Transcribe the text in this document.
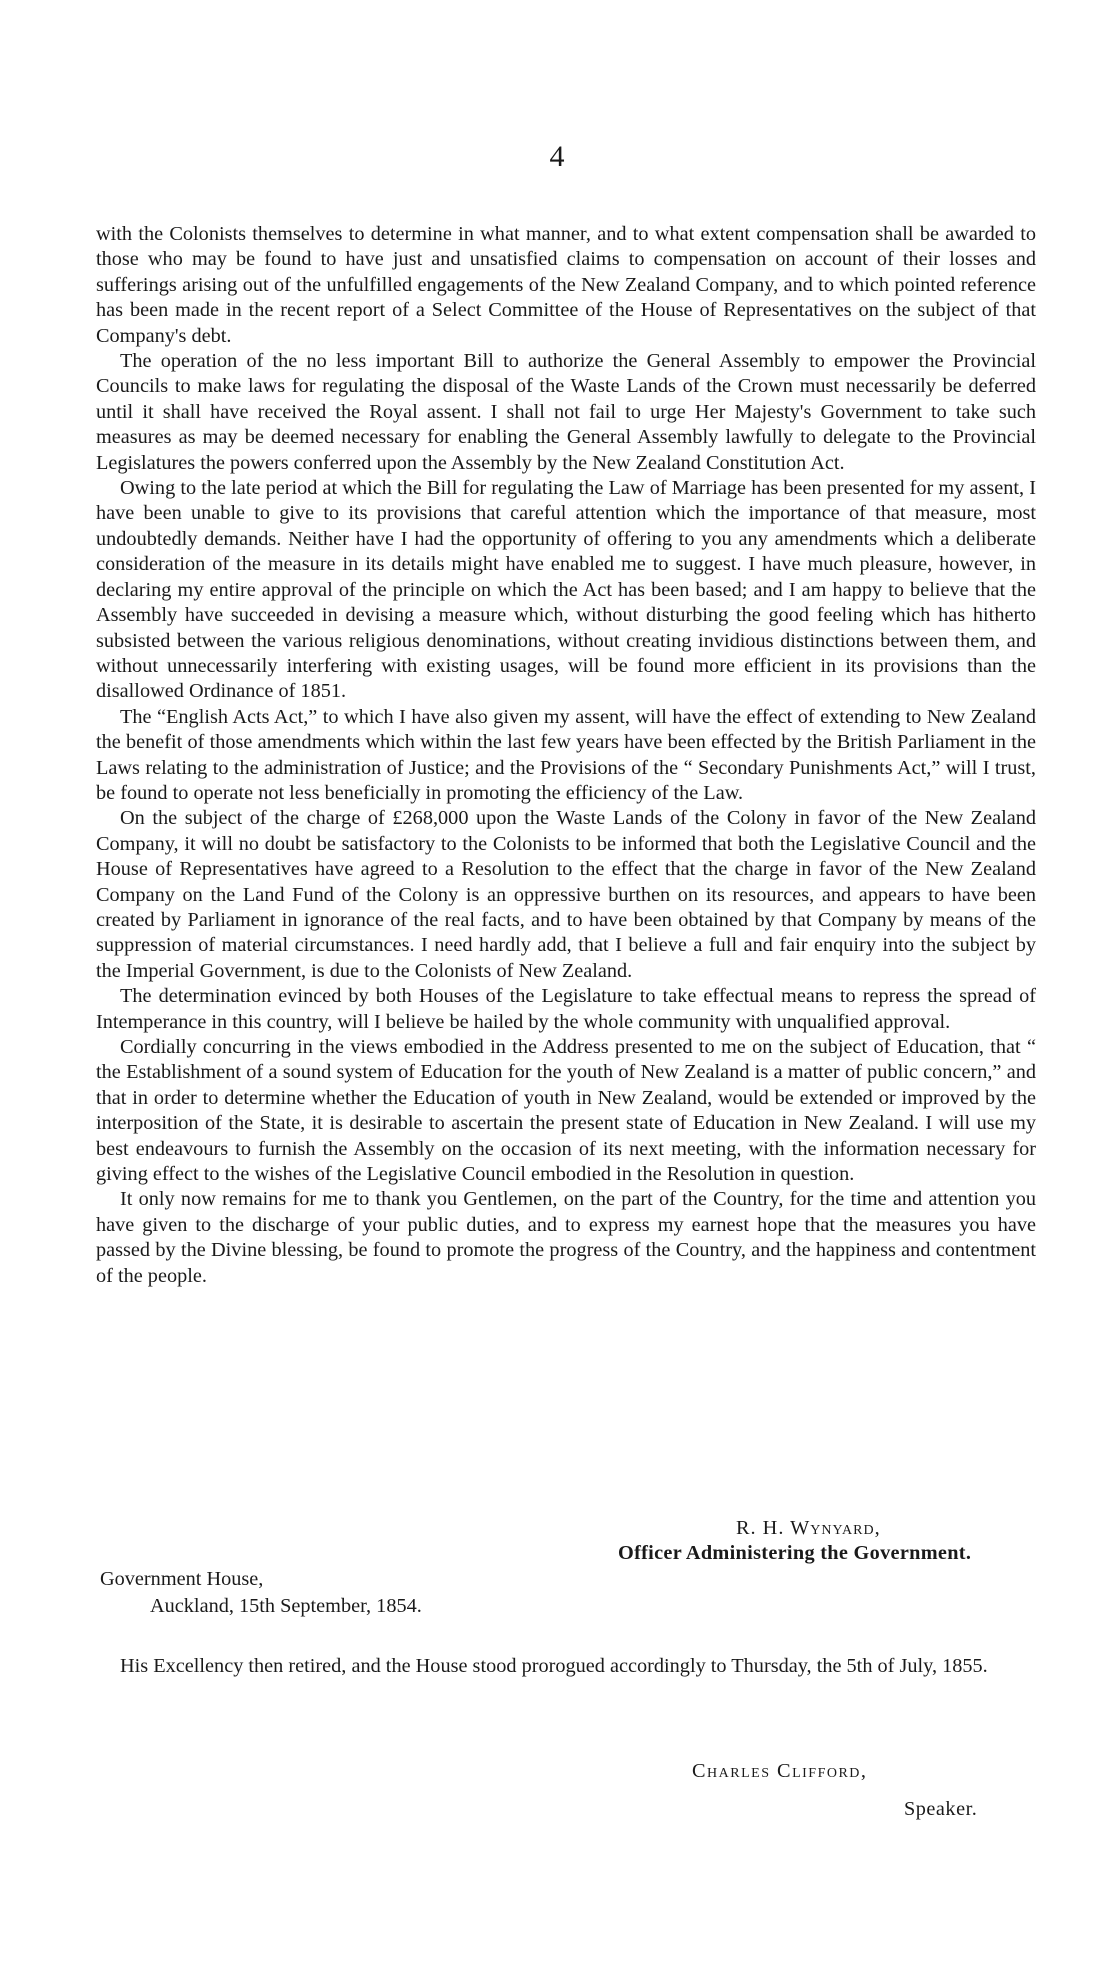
4

with the Colonists themselves to determine in what manner, and to what extent compensation shall be awarded to those who may be found to have just and unsatisfied claims to compensation on account of their losses and sufferings arising out of the unfulfilled engagements of the New Zealand Company, and to which pointed reference has been made in the recent report of a Select Committee of the House of Representatives on the subject of that Company's debt.

The operation of the no less important Bill to authorize the General Assembly to empower the Provincial Councils to make laws for regulating the disposal of the Waste Lands of the Crown must necessarily be deferred until it shall have received the Royal assent. I shall not fail to urge Her Majesty's Government to take such measures as may be deemed necessary for enabling the General Assembly lawfully to delegate to the Provincial Legislatures the powers conferred upon the Assembly by the New Zealand Constitution Act.

Owing to the late period at which the Bill for regulating the Law of Marriage has been presented for my assent, I have been unable to give to its provisions that careful attention which the importance of that measure, most undoubtedly demands. Neither have I had the opportunity of offering to you any amendments which a deliberate consideration of the measure in its details might have enabled me to suggest. I have much pleasure, however, in declaring my entire approval of the principle on which the Act has been based; and I am happy to believe that the Assembly have succeeded in devising a measure which, without disturbing the good feeling which has hitherto subsisted between the various religious denominations, without creating invidious distinctions between them, and without unnecessarily interfering with existing usages, will be found more efficient in its provisions than the disallowed Ordinance of 1851.

The “English Acts Act,” to which I have also given my assent, will have the effect of extending to New Zealand the benefit of those amendments which within the last few years have been effected by the British Parliament in the Laws relating to the administration of Justice; and the Provisions of the “ Secondary Punishments Act,” will I trust, be found to operate not less beneficially in promoting the efficiency of the Law.

On the subject of the charge of £268,000 upon the Waste Lands of the Colony in favor of the New Zealand Company, it will no doubt be satisfactory to the Colonists to be informed that both the Legislative Council and the House of Representatives have agreed to a Resolution to the effect that the charge in favor of the New Zealand Company on the Land Fund of the Colony is an oppressive burthen on its resources, and appears to have been created by Parliament in ignorance of the real facts, and to have been obtained by that Company by means of the suppression of material circumstances. I need hardly add, that I believe a full and fair enquiry into the subject by the Imperial Government, is due to the Colonists of New Zealand.

The determination evinced by both Houses of the Legislature to take effectual means to repress the spread of Intemperance in this country, will I believe be hailed by the whole community with unqualified approval.

Cordially concurring in the views embodied in the Address presented to me on the subject of Education, that “ the Establishment of a sound system of Education for the youth of New Zealand is a matter of public concern,” and that in order to determine whether the Education of youth in New Zealand, would be extended or improved by the interposition of the State, it is desirable to ascertain the present state of Education in New Zealand. I will use my best endeavours to furnish the Assembly on the occasion of its next meeting, with the information necessary for giving effect to the wishes of the Legislative Council embodied in the Resolution in question.

It only now remains for me to thank you Gentlemen, on the part of the Country, for the time and attention you have given to the discharge of your public duties, and to express my earnest hope that the measures you have passed by the Divine blessing, be found to promote the progress of the Country, and the happiness and contentment of the people.

R. H. Wynyard,
Officer Administering the Government.
Government House,
Auckland, 15th September, 1854.

His Excellency then retired, and the House stood prorogued accordingly to Thursday, the 5th of July, 1855.

Charles Clifford,
Speaker.
